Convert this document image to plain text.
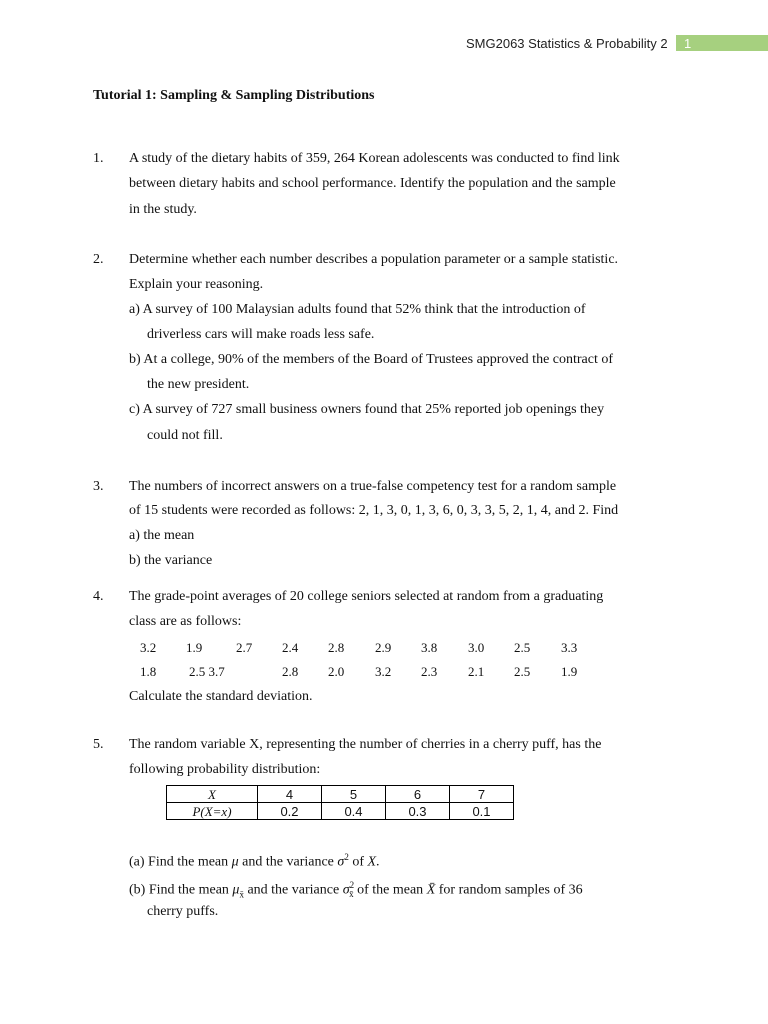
SMG2063 Statistics & Probability 2 1
Tutorial 1: Sampling & Sampling Distributions
1. A study of the dietary habits of 359, 264 Korean adolescents was conducted to find link
between dietary habits and school performance. Identify the population and the sample
in the study.
2. Determine whether each number describes a population parameter or a sample statistic.
Explain your reasoning.
a) A survey of 100 Malaysian adults found that 52% think that the introduction of
driverless cars will make roads less safe.
b) At a college, 90% of the members of the Board of Trustees approved the contract of
the new president.
c) A survey of 727 small business owners found that 25% reported job openings they
could not fill.
3. The numbers of incorrect answers on a true-false competency test for a random sample
of 15 students were recorded as follows: 2, 1, 3, 0, 1, 3, 6, 0, 3, 3, 5, 2, 1, 4, and 2. Find
a) the mean
b) the variance
4. The grade-point averages of 20 college seniors selected at random from a graduating
class are as follows:
3.2 1.9	2.7 2.4 2.8 2.9 3.8 3.0 2.5 3.3
1.8	2.5 3.7	2.8 2.0 3.2 2.3 2.1 2.5 1.9
Calculate the standard deviation.
5. The random variable X, representing the number of cherries in a cherry puff, has the
following probability distribution:
X	4	5	6	7
P(X=x)	0.2	0.4	0.3	0.1
(a) Find the mean μ and the variance $\sigma^2$ of X.
(b) Find the mean $\mu_{x̄}$ and the variance $\sigma^2_{x̄}$ of the mean X̄ for random samples of 36
cherry puffs.
